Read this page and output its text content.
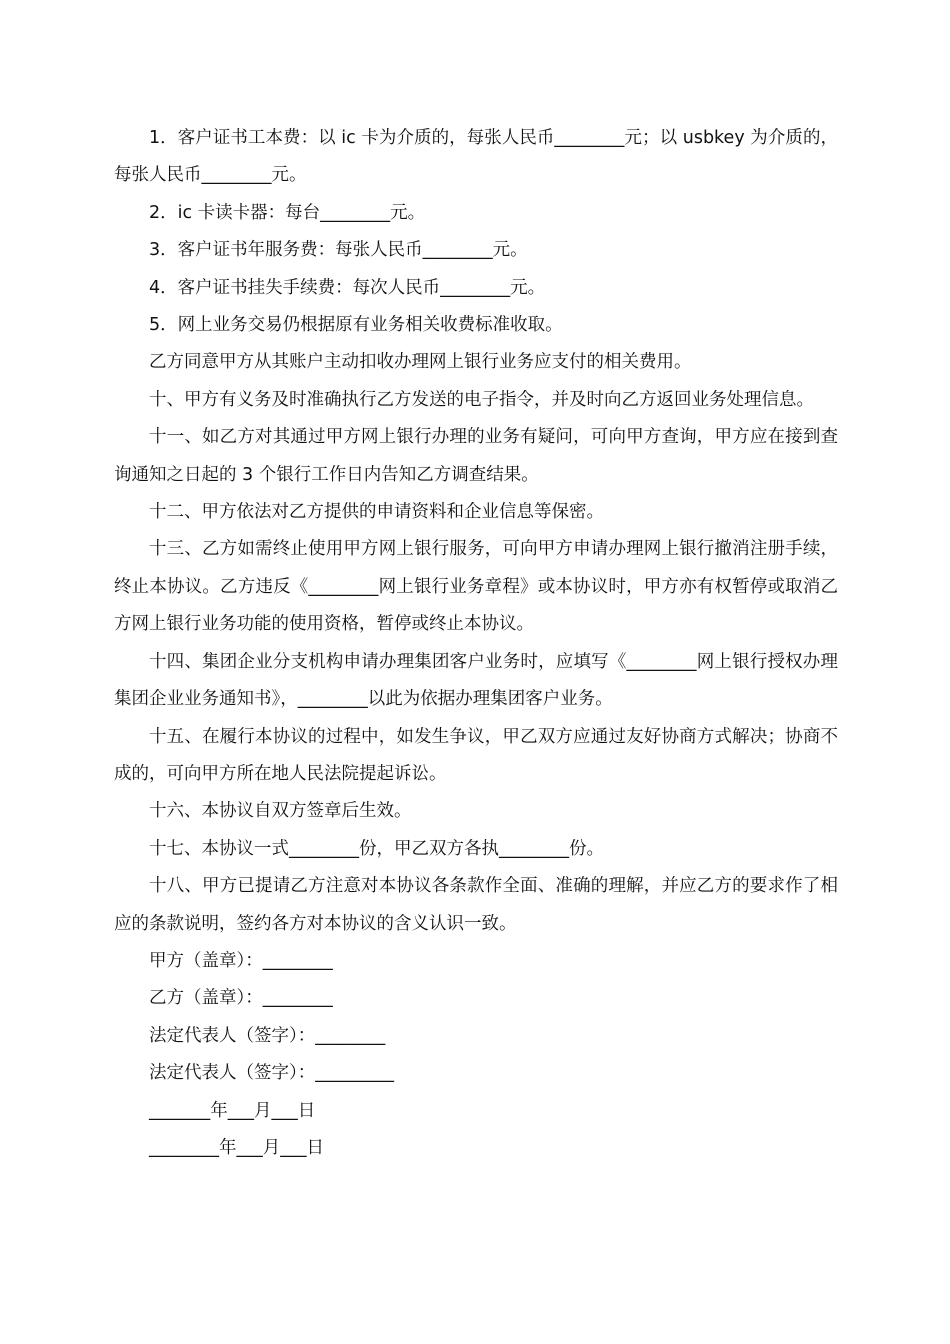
1．客户证书工本费：以 ic 卡为介质的，每张人民币________元；以 usbkey 为介质的，每张人民币________元。

2．ic 卡读卡器：每台________元。

3．客户证书年服务费：每张人民币________元。

4．客户证书挂失手续费：每次人民币________元。

5．网上业务交易仍根据原有业务相关收费标准收取。

乙方同意甲方从其账户主动扣收办理网上银行业务应支付的相关费用。

十、甲方有义务及时准确执行乙方发送的电子指令，并及时向乙方返回业务处理信息。

十一、如乙方对其通过甲方网上银行办理的业务有疑问，可向甲方查询，甲方应在接到查询通知之日起的 3 个银行工作日内告知乙方调查结果。

十二、甲方依法对乙方提供的申请资料和企业信息等保密。

十三、乙方如需终止使用甲方网上银行服务，可向甲方申请办理网上银行撤消注册手续，终止本协议。乙方违反《________网上银行业务章程》或本协议时，甲方亦有权暂停或取消乙方网上银行业务功能的使用资格，暂停或终止本协议。

十四、集团企业分支机构申请办理集团客户业务时，应填写《________网上银行授权办理集团企业业务通知书》，________以此为依据办理集团客户业务。

十五、在履行本协议的过程中，如发生争议，甲乙双方应通过友好协商方式解决；协商不成的，可向甲方所在地人民法院提起诉讼。

十六、本协议自双方签章后生效。

十七、本协议一式________份，甲乙双方各执________份。

十八、甲方已提请乙方注意对本协议各条款作全面、准确的理解，并应乙方的要求作了相应的条款说明，签约各方对本协议的含义认识一致。

甲方（盖章）：________

乙方（盖章）：________

法定代表人（签字）：________

法定代表人（签字）：_________

_______年___月___日

________年___月___日
